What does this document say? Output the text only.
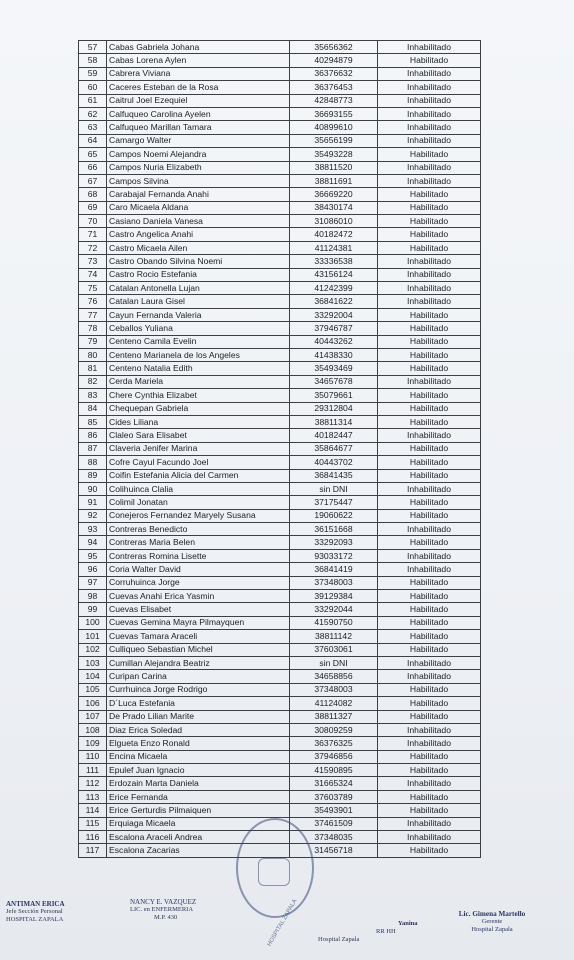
57	Cabas Gabriela Johana	35656362	Inhabilitado
58	Cabas Lorena Aylen	40294879	Habilitado
59	Cabrera Viviana	36376632	Inhabilitado
60	Caceres Esteban de la Rosa	36376453	Inhabilitado
61	Caitrul Joel Ezequiel	42848773	Inhabilitado
62	Calfuqueo Carolina Ayelen	36693155	Inhabilitado
63	Calfuqueo Marillan Tamara	40899610	Inhabilitado
64	Camargo Walter	35656199	Inhabilitado
65	Campos Noemi Alejandra	35493228	Habilitado
66	Campos Nuria Elizabeth	38811520	Inhabilitado
67	Campos Silvina	38811691	Inhabilitado
68	Carabajal Fernanda Anahi	36669220	Habilitado
69	Caro Micaela Aldana	38430174	Habilitado
70	Casiano Daniela Vanesa	31086010	Habilitado
71	Castro Angelica Anahi	40182472	Habilitado
72	Castro Micaela Ailen	41124381	Habilitado
73	Castro Obando Silvina Noemi	33336538	Inhabilitado
74	Castro Rocio Estefania	43156124	Inhabilitado
75	Catalan Antonella Lujan	41242399	Inhabilitado
76	Catalan Laura Gisel	36841622	Inhabilitado
77	Cayun Fernanda Valeria	33292004	Habilitado
78	Ceballos Yuliana	37946787	Habilitado
79	Centeno Camila Evelin	40443262	Habilitado
80	Centeno Marianela de los Angeles	41438330	Habilitado
81	Centeno Natalia Edith	35493469	Habilitado
82	Cerda Mariela	34657678	Inhabilitado
83	Chere Cynthia Elizabet	35079661	Habilitado
84	Chequepan Gabriela	29312804	Habilitado
85	Cides Liliana	38811314	Habilitado
86	Claleo Sara Elisabet	40182447	Inhabilitado
87	Claveria Jenifer Marina	35864677	Habilitado
88	Cofre Cayul Facundo Joel	40443702	Habilitado
89	Coifin Estefania Alicia del Carmen	36841435	Habilitado
90	Colihuinca Clalia	sin DNI	Inhabilitado
91	Colimil Jonatan	37175447	Habilitado
92	Conejeros Fernandez Maryely Susana	19060622	Habilitado
93	Contreras Benedicto	36151668	Inhabilitado
94	Contreras Maria Belen	33292093	Habilitado
95	Contreras Romina Lisette	93033172	Inhabilitado
96	Coria Walter David	36841419	Inhabilitado
97	Corruhuinca Jorge	37348003	Habilitado
98	Cuevas Anahi Erica Yasmin	39129384	Habilitado
99	Cuevas Elisabet	33292044	Habilitado
100	Cuevas Gemina Mayra Pilmayquen	41590750	Habilitado
101	Cuevas Tamara Araceli	38811142	Habilitado
102	Culliqueo Sebastian Michel	37603061	Habilitado
103	Cumillan Alejandra Beatriz	sin DNI	Inhabilitado
104	Curipan Carina	34658856	Inhabilitado
105	Currhuinca Jorge Rodrigo	37348003	Habilitado
106	D´Luca Estefania	41124082	Habilitado
107	De Prado Lilian Marite	38811327	Habilitado
108	Diaz Erica Soledad	30809259	Inhabilitado
109	Elgueta Enzo Ronald	36376325	Inhabilitado
110	Encina Micaela	37946856	Habilitado
111	Epulef Juan Ignacio	41590895	Habilitado
112	Erdozain Marta Daniela	31665324	Inhabilitado
113	Erice Fernanda	37603789	Habilitado
114	Erice Gerturdis Pilmaiquen	35493901	Habilitado
115	Erquiaga Micaela	37461509	Inhabilitado
116	Escalona Araceli Andrea	37348035	Inhabilitado
117	Escalona Zacarias	31456718	Habilitado
HOSPITAL ZAPALA
ANTIMAN ERICA
Jefe Sección Personal
HOSPITAL ZAPALA
NANCY E. VAZQUEZ
LIC. en ENFERMERIA
M.P. 430
Yanina
RR HH
Hospital Zapala
Lic. Gimena Martello
Gerente
Hospital Zapala
